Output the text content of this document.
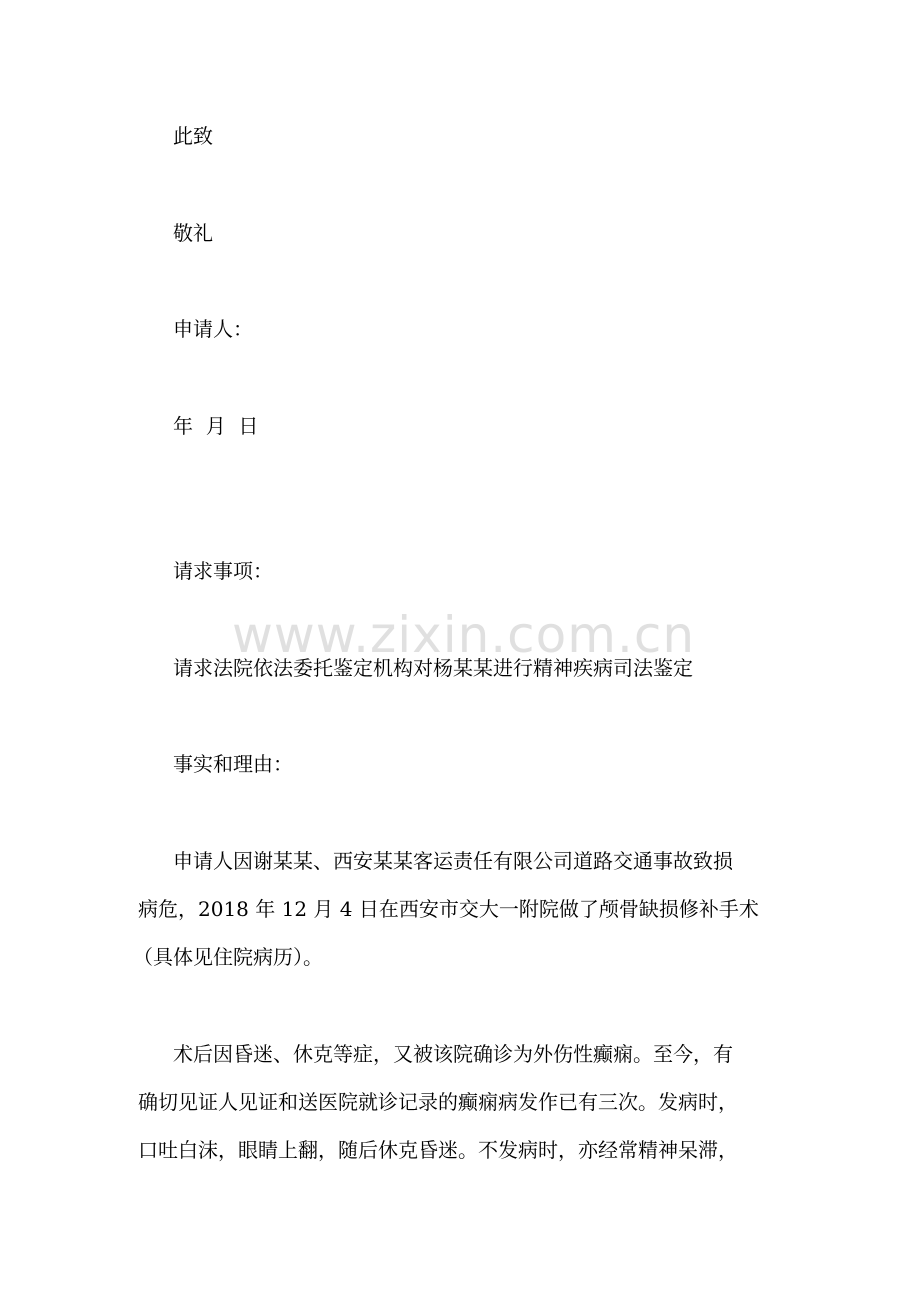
此致
敬礼
申请人：
年  月  日
请求事项：
www.zixin.com.cn
请求法院依法委托鉴定机构对杨某某进行精神疾病司法鉴定
事实和理由：
申请人因谢某某、西安某某客运责任有限公司道路交通事故致损
病危，2018 年 12 月 4 日在西安市交大一附院做了颅骨缺损修补手术
（具体见住院病历）。
术后因昏迷、休克等症，又被该院确诊为外伤性癫痫。至今，有
确切见证人见证和送医院就诊记录的癫痫病发作已有三次。发病时，
口吐白沫，眼睛上翻，随后休克昏迷。不发病时，亦经常精神呆滞，
